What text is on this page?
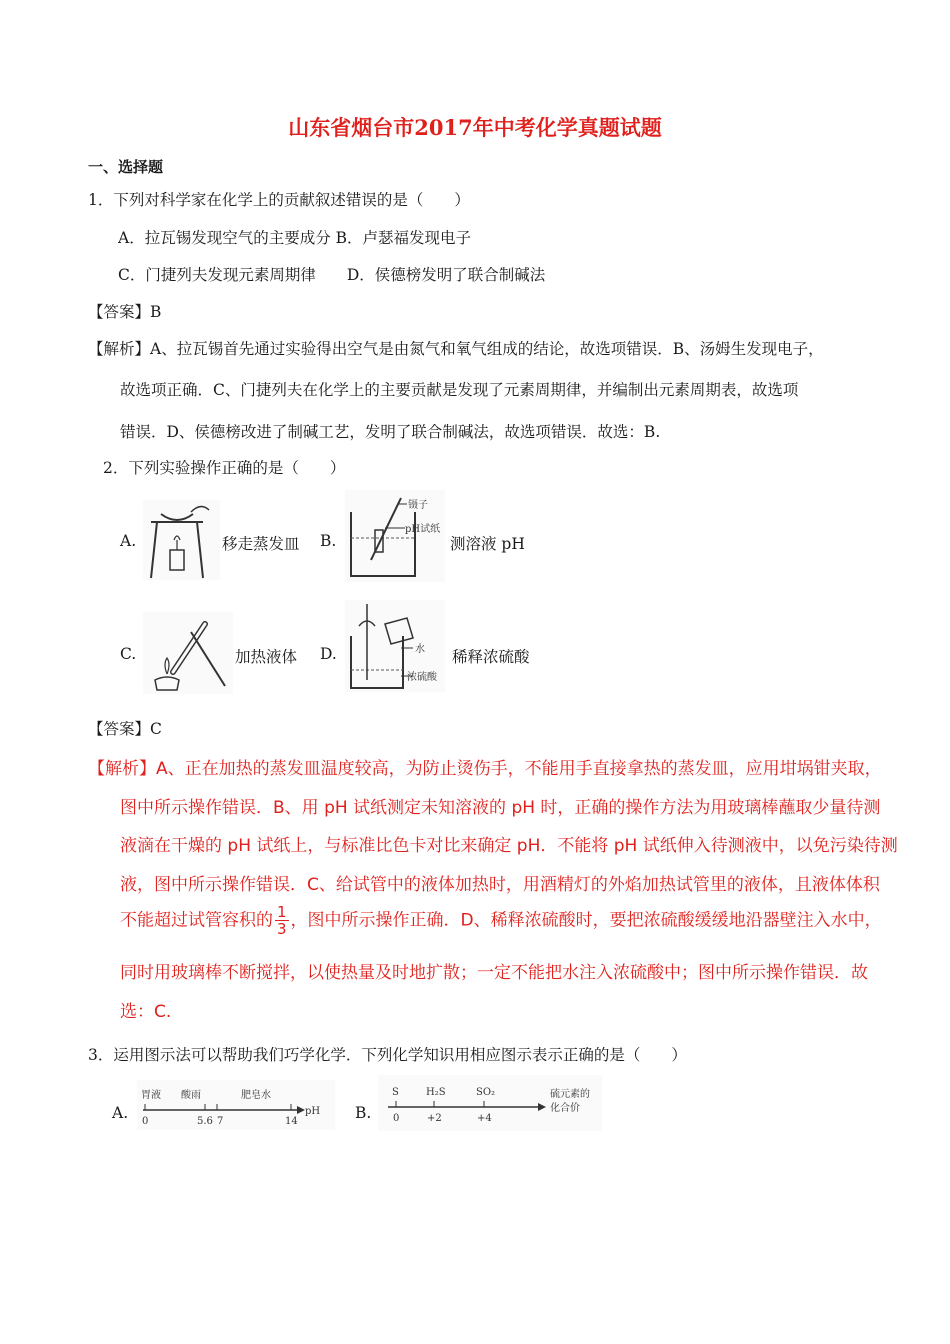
山东省烟台市2017年中考化学真题试题
一、选择题
1．下列对科学家在化学上的贡献叙述错误的是（　　）
A．拉瓦锡发现空气的主要成分 B．卢瑟福发现电子
C．门捷列夫发现元素周期律　　D．侯德榜发明了联合制碱法
【答案】B
【解析】A、拉瓦锡首先通过实验得出空气是由氮气和氧气组成的结论，故选项错误．B、汤姆生发现电子，
故选项正确．C、门捷列夫在化学上的主要贡献是发现了元素周期律，并编制出元素周期表，故选项
错误．D、侯德榜改进了制碱工艺，发明了联合制碱法，故选项错误．故选：B.
2．下列实验操作正确的是（　　）
A.	移走蒸发皿 B.
镊子
pH试纸
测溶液 pH
C.	加热液体 D.	水
浓硫酸
稀释浓硫酸
【答案】C
【解析】A、正在加热的蒸发皿温度较高，为防止烫伤手，不能用手直接拿热的蒸发皿，应用坩埚钳夹取，
图中所示操作错误．B、用 pH 试纸测定未知溶液的 pH 时，正确的操作方法为用玻璃棒蘸取少量待测
液滴在干燥的 pH 试纸上，与标准比色卡对比来确定 pH．不能将 pH 试纸伸入待测液中，以免污染待测
液，图中所示操作错误．C、给试管中的液体加热时，用酒精灯的外焰加热试管里的液体，且液体体积
不能超过试管容积的 $\frac{1}{3}$ ，图中所示操作正确．D、稀释浓硫酸时，要把浓硫酸缓缓地沿器壁注入水中，
同时用玻璃棒不断搅拌，以使热量及时地扩散；一定不能把水注入浓硫酸中；图中所示操作错误．故
选：C.
3．运用图示法可以帮助我们巧学化学．下列化学知识用相应图示表示正确的是（　　）
A.
胃液 酸雨	肥皂水
0	5.6 7	14
pH B.
S	H₂S	SO₂
0	+2	+4
硫元素的
化合价
